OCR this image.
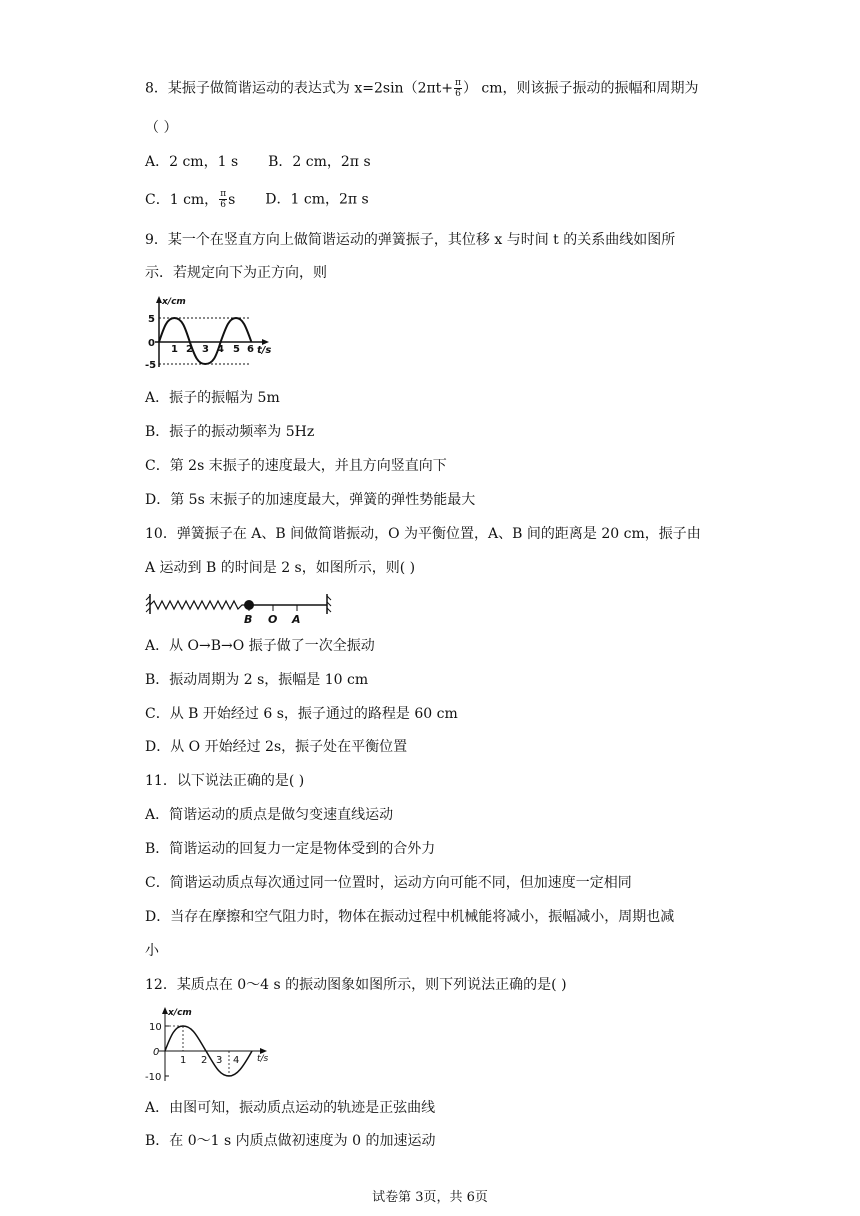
8．某振子做简谐运动的表达式为 $x=2\sin(2\pi t+ \frac{\pi}{6}$ ） cm，则该振子振动的振幅和周期为
（ ）
A．2 cm，1 s B．2 cm，2π s
C．1 cm， $\frac{\pi}{6}$ s D．1 cm，2π s
9．某一个在竖直方向上做简谐运动的弹簧振子，其位移 x 与时间 t 的关系曲线如图所
示．若规定向下为正方向，则
x/cm
t/s
5
0
-5
1 2 3 4 5 6
A．振子的振幅为 5m
B．振子的振动频率为 5Hz
C．第 2s 末振子的速度最大，并且方向竖直向下
D．第 5s 末振子的加速度最大，弹簧的弹性势能最大
10．弹簧振子在 A、B 间做简谐振动，O 为平衡位置，A、B 间的距离是 20 cm，振子由
A 运动到 B 的时间是 2 s，如图所示，则( )
B O A
A．从 O→B→O 振子做了一次全振动
B．振动周期为 2 s，振幅是 10 cm
C．从 B 开始经过 6 s，振子通过的路程是 60 cm
D．从 O 开始经过 2s，振子处在平衡位置
11．以下说法正确的是( )
A．简谐运动的质点是做匀变速直线运动
B．简谐运动的回复力一定是物体受到的合外力
C．简谐运动质点每次通过同一位置时，运动方向可能不同，但加速度一定相同
D．当存在摩擦和空气阻力时，物体在振动过程中机械能将减小，振幅减小，周期也减
小
12．某质点在 0～4 s 的振动图象如图所示，则下列说法正确的是( )
x/cm
t/s
10
0
-10
1 2 3 4
A．由图可知，振动质点运动的轨迹是正弦曲线
B．在 0～1 s 内质点做初速度为 0 的加速运动
试卷第 3页，共 6页
